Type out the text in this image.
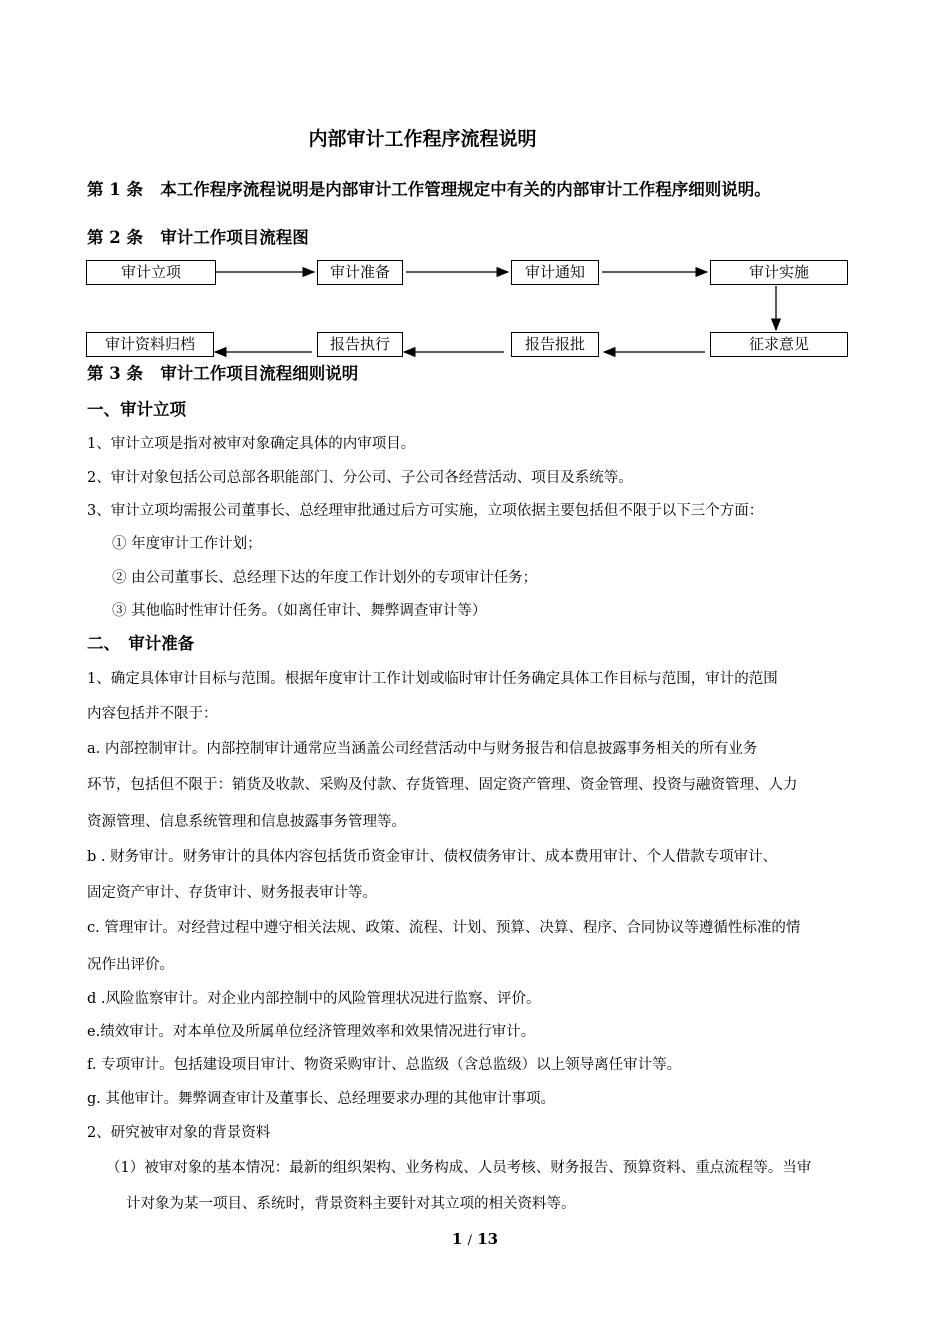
内部审计工作程序流程说明
第 1 条 本工作程序流程说明是内部审计工作管理规定中有关的内部审计工作程序细则说明。
第 2 条 审计工作项目流程图
审计立项	审计准备	审计通知	审计实施
审计资料归档	报告执行	报告报批	征求意见
第 3 条 审计工作项目流程细则说明
一、审计立项
1、审计立项是指对被审对象确定具体的内审项目。
2、审计对象包括公司总部各职能部门、分公司、子公司各经营活动、项目及系统等。
3、审计立项均需报公司董事长、总经理审批通过后方可实施，立项依据主要包括但不限于以下三个方面：
① 年度审计工作计划；
② 由公司董事长、总经理下达的年度工作计划外的专项审计任务；
③ 其他临时性审计任务。（如离任审计、舞弊调查审计等）
二、　审计准备
1、确定具体审计目标与范围。根据年度审计工作计划或临时审计任务确定具体工作目标与范围，审计的范围
内容包括并不限于：
a. 内部控制审计。内部控制审计通常应当涵盖公司经营活动中与财务报告和信息披露事务相关的所有业务
环节，包括但不限于：销货及收款、采购及付款、存货管理、固定资产管理、资金管理、投资与融资管理、人力
资源管理、信息系统管理和信息披露事务管理等。
b . 财务审计。财务审计的具体内容包括货币资金审计、债权债务审计、成本费用审计、个人借款专项审计、
固定资产审计、存货审计、财务报表审计等。
c. 管理审计。对经营过程中遵守相关法规、政策、流程、计划、预算、决算、程序、合同协议等遵循性标准的情
况作出评价。
d .风险监察审计。对企业内部控制中的风险管理状况进行监察、评价。
e.绩效审计。对本单位及所属单位经济管理效率和效果情况进行审计。
f. 专项审计。包括建设项目审计、物资采购审计、总监级（含总监级）以上领导离任审计等。
g. 其他审计。舞弊调查审计及董事长、总经理要求办理的其他审计事项。
2、研究被审对象的背景资料
（1）被审对象的基本情况：最新的组织架构、业务构成、人员考核、财务报告、预算资料、重点流程等。当审
计对象为某一项目、系统时，背景资料主要针对其立项的相关资料等。
1 / 13
